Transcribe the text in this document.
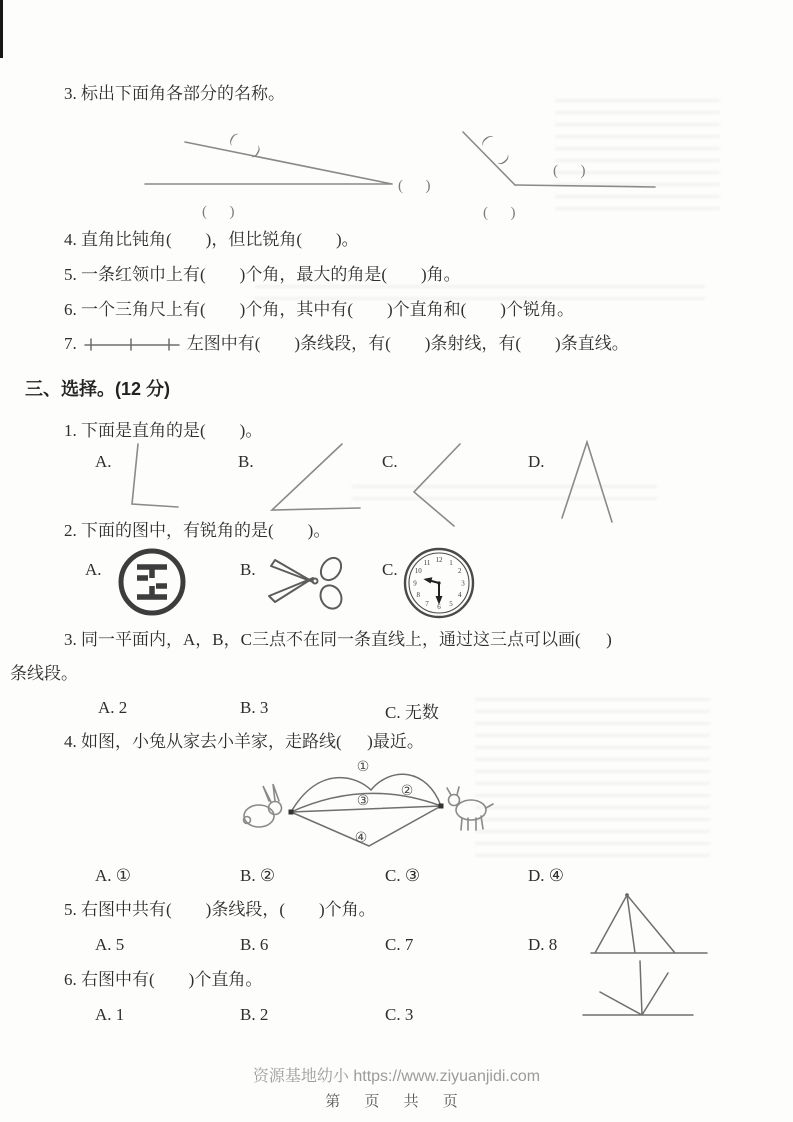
3. 标出下面角各部分的名称。
(      )
(      )
(      )
(      )
(      )
(      )
4. 直角比钝角(        )，但比锐角(        )。
5. 一条红领巾上有(        )个角，最大的角是(        )角。
6. 一个三角尺上有(        )个角，其中有(        )个直角和(        )个锐角。
7.	左图中有(        )条线段，有(        )条射线，有(        )条直线。
三、选择。(12 分)
1. 下面是直角的是(        )。
A.	B.	C.	D.
2. 下面的图中，有锐角的是(        )。
A.	B.	C.	1
2
3
4
5
6
7
8
9
10
11 12
3. 同一平面内，A，B，C三点不在同一条直线上，通过这三点可以画(      )
条线段。
A. 2	B. 3	C. 无数
4. 如图，小兔从家去小羊家，走路线(      )最近。
①
②
③
④
A. ①	B. ②	C. ③	D. ④
5. 右图中共有(        )条线段，(        )个角。
A. 5	B. 6	C. 7	D. 8
6. 右图中有(        )个直角。
A. 1	B. 2	C. 3
资源基地幼小 https://www.ziyuanjidi.com
第 页 共 页
